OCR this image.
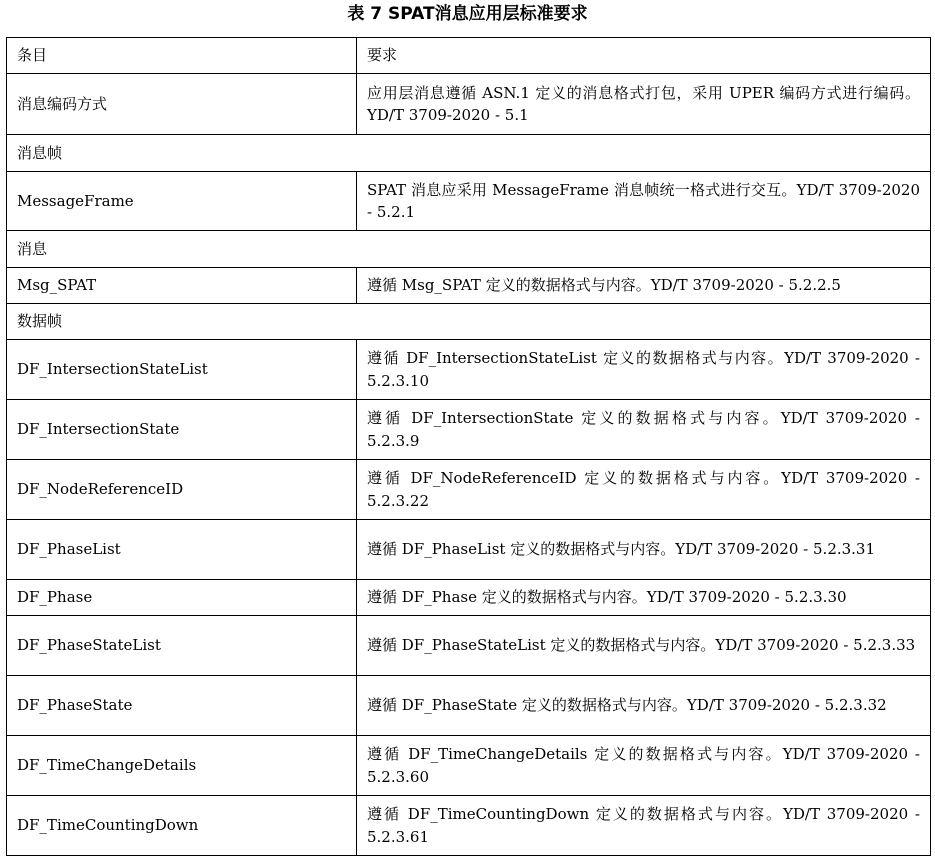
表 7 SPAT消息应用层标准要求
条目	要求
消息编码方式	应用层消息遵循 ASN.1 定义的消息格式打包，采用 UPER 编码方式进行编码。YD/T 3709-2020 - 5.1
消息帧	
MessageFrame	SPAT 消息应采用 MessageFrame 消息帧统一格式进行交互。YD/T 3709-2020 - 5.2.1
消息	
Msg_SPAT	遵循 Msg_SPAT 定义的数据格式与内容。YD/T 3709-2020 - 5.2.2.5
数据帧	
DF_IntersectionStateList	遵循 DF_IntersectionStateList 定义的数据格式与内容。YD/T 3709-2020 - 5.2.3.10
DF_IntersectionState	遵循 DF_IntersectionState 定义的数据格式与内容。YD/T 3709-2020 - 5.2.3.9
DF_NodeReferenceID	遵循 DF_NodeReferenceID 定义的数据格式与内容。YD/T 3709-2020 - 5.2.3.22
DF_PhaseList	遵循 DF_PhaseList 定义的数据格式与内容。YD/T 3709-2020 - 5.2.3.31
DF_Phase	遵循 DF_Phase 定义的数据格式与内容。YD/T 3709-2020 - 5.2.3.30
DF_PhaseStateList	遵循 DF_PhaseStateList 定义的数据格式与内容。YD/T 3709-2020 - 5.2.3.33
DF_PhaseState	遵循 DF_PhaseState 定义的数据格式与内容。YD/T 3709-2020 - 5.2.3.32
DF_TimeChangeDetails	遵循 DF_TimeChangeDetails 定义的数据格式与内容。YD/T 3709-2020 - 5.2.3.60
DF_TimeCountingDown	遵循 DF_TimeCountingDown 定义的数据格式与内容。YD/T 3709-2020 - 5.2.3.61
